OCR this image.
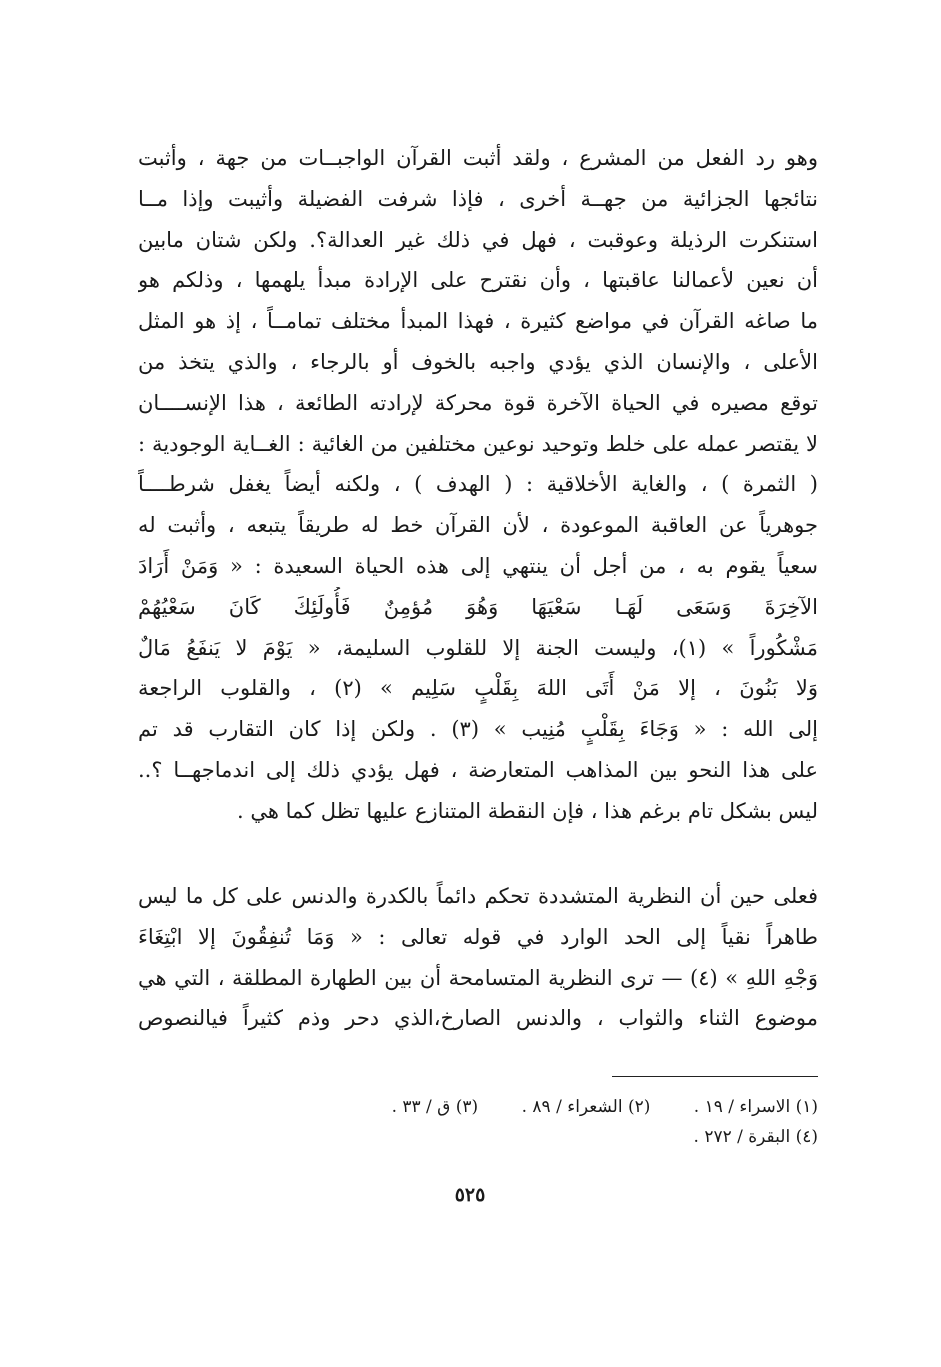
وهو رد الفعل من المشرع ، ولقد أثبت القرآن الواجبــات من جهة ، وأثبت
نتائجها الجزائية من جهــة أخرى ، فإذا شرفت الفضيلة وأثيبت وإذا مــا
استنكرت الرذيلة وعوقبت ، فهل في ذلك غير العدالة؟. ولكن شتان مابين
أن نعين لأعمالنا عاقبتها ، وأن نقترح على الإرادة مبدأ يلهمها ، وذلكم هو
ما صاغه القرآن في مواضع كثيرة ، فهذا المبدأ مختلف تمامــاً ، إذ هو المثل
الأعلى ، والإنسان الذي يؤدي واجبه بالخوف أو بالرجاء ، والذي يتخذ من
توقع مصيره في الحياة الآخرة قوة محركة لإرادته الطائعة ، هذا الإنســــان
لا يقتصر عمله على خلط وتوحيد نوعين مختلفين من الغائية : الغــاية الوجودية :
( الثمرة ) ، والغاية الأخلاقية : ( الهدف ) ، ولكنه أيضاً يغفل شرطــــاً
جوهرياً عن العاقبة الموعودة ، لأن القرآن خط له طريقاً يتبعه ، وأثبت له
سعياً يقوم به ، من أجل أن ينتهي إلى هذه الحياة السعيدة : « وَمَنْ أَرَادَ
الآخِرَةَ وَسَعَى لَهَـا سَعْيَهَا وَهُوَ مُؤمِنٌ فَأُولَئِكَ كَانَ سَعْيُهُمْ
مَشْكُوراً » (١)، وليست الجنة إلا للقلوب السليمة، « يَوْمَ لا يَنفَعُ مَالٌ
وَلا بَنُونَ ، إلا مَنْ أَتَى اللهَ بِقَلْبٍ سَلِيم » (٢) ، والقلوب الراجعة
إلى الله : « وَجَاءَ بِقَلْبٍ مُنِيب » (٣) . ولكن إذا كان التقارب قد تم
على هذا النحو بين المذاهب المتعارضة ، فهل يؤدي ذلك إلى اندماجهــا ؟..
ليس بشكل تام برغم هذا ، فإن النقطة المتنازع عليها تظل كما هي .
فعلى حين أن النظرية المتشددة تحكم دائماً بالكدرة والدنس على كل ما ليس
طاهراً نقياً إلى الحد الوارد في قوله تعالى : « وَمَا تُنفِقُونَ إلا ابْتِغَاءَ
وَجْهِ اللهِ » (٤) — ترى النظرية المتسامحة أن بين الطهارة المطلقة ، التي هي
موضوع الثناء والثواب ، والدنس الصارخ،الذي دحر وذم كثيراً فيالنصوص
(١) الاسراء / ١٩ . (٢) الشعراء / ٨٩ . (٣) ق / ٣٣ .
(٤) البقرة / ٢٧٢ .
٥٢٥
